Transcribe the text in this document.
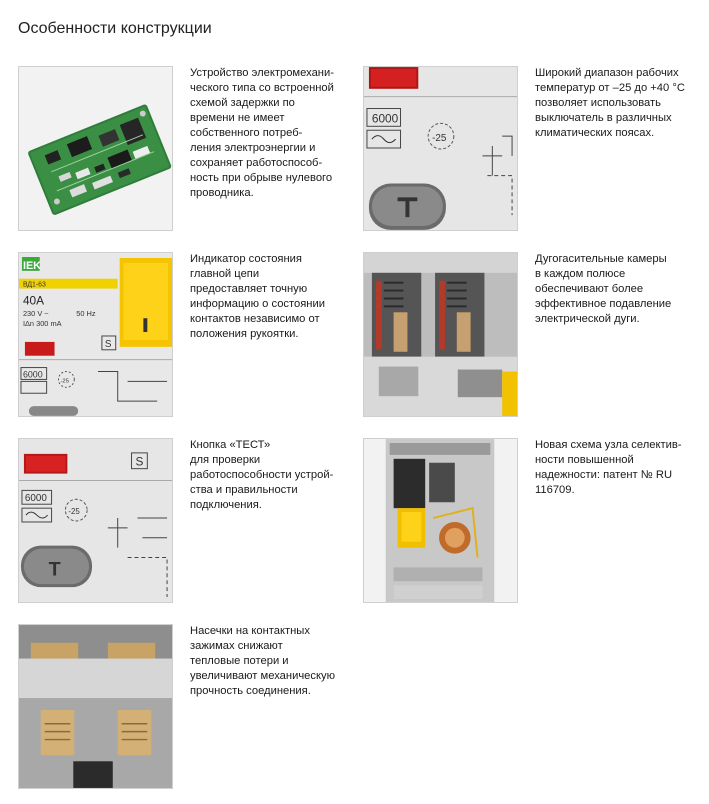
Особенности конструкции
Устройство электромехани-
ческого типа со встроенной
схемой задержки по
времени не имеет
собственного потреб-
ления электроэнергии и
сохраняет работоспособ-
ность при обрыве нулевого
проводника.
6000
-25
Широкий диапазон рабочих
температур от –25 до +40 °С
позволяет использовать
выключатель в различных
климатических поясах.
IEK
ВД1-63
40A
230 V ~	50 Hz
IΔn 300 mA
S
6000
-25
Индикатор состояния
главной цепи
предоставляет точную
информацию о состоянии
контактов независимо от
положения рукоятки.
Дугогасительные камеры
в каждом полюсе
обеспечивают более
эффективное подавление
электрической дуги.
S
6000
-25
T
Кнопка «ТЕСТ»
для проверки
работоспособности устрой-
ства и правильности
подключения.
Новая схема узла селектив-
ности повышенной
надежности: патент № RU
116709.
Насечки на контактных
зажимах снижают
тепловые потери и
увеличивают механическую
прочность соединения.
